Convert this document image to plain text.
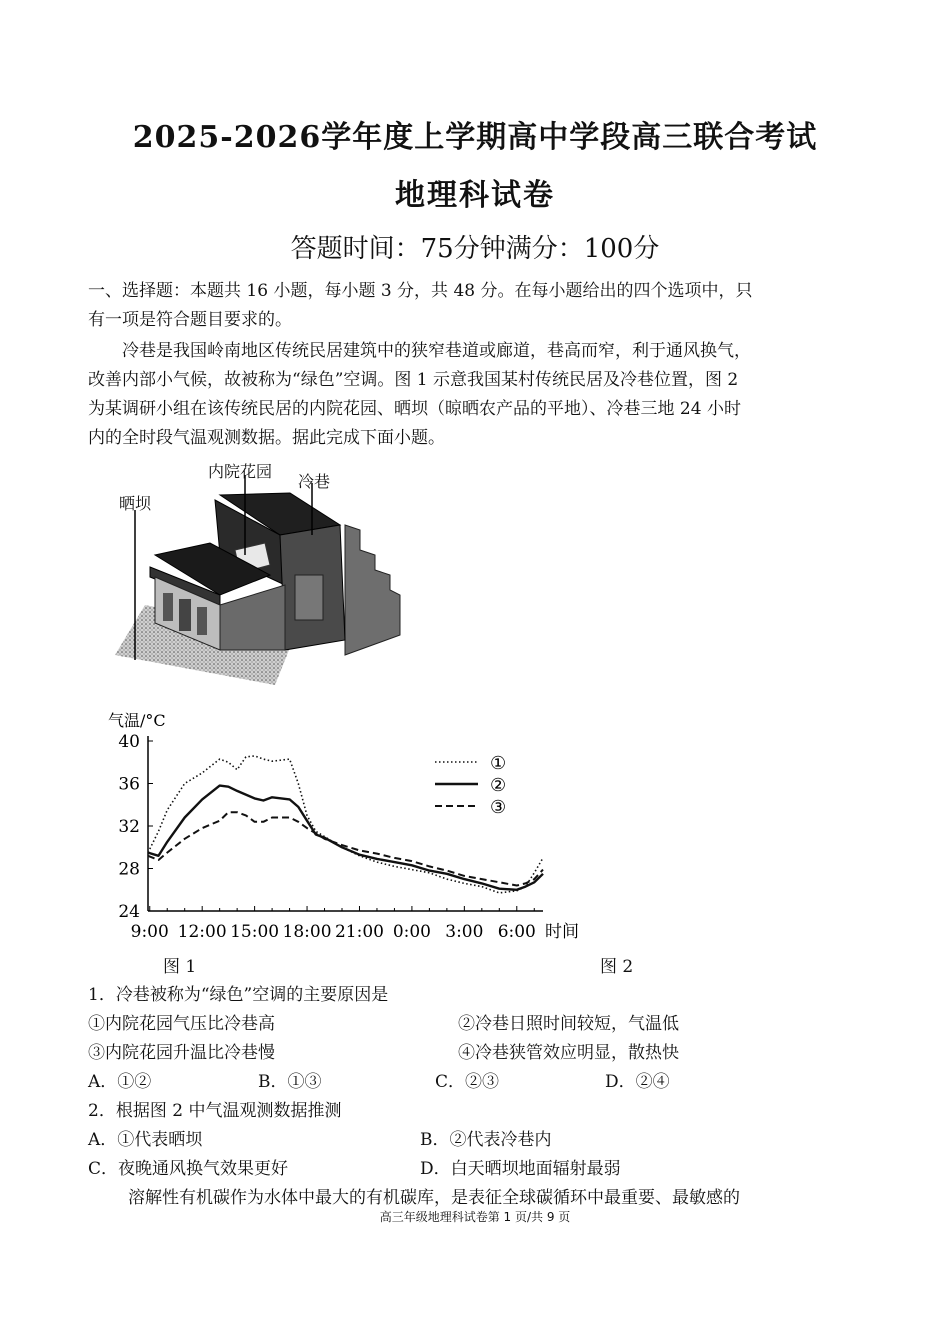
2025-2026学年度上学期高中学段高三联合考试
地理科试卷
答题时间：75分钟满分：100分
一、选择题：本题共 16 小题，每小题 3 分，共 48 分。在每小题给出的四个选项中，只
有一项是符合题目要求的。
冷巷是我国岭南地区传统民居建筑中的狭窄巷道或廊道，巷高而窄，利于通风换气，
改善内部小气候，故被称为“绿色”空调。图 1 示意我国某村传统民居及冷巷位置，图 2
为某调研小组在该传统民居的内院花园、晒坝（晾晒农产品的平地）、冷巷三地 24 小时
内的全时段气温观测数据。据此完成下面小题。
内院花园
冷巷
晒坝
气温/°C
24
28
32
36
40
9:00 12:00 15:00 18:00 21:00 0:00 3:00 6:00 时间
①
②
③
图 1	图 2
1．冷巷被称为“绿色”空调的主要原因是
①内院花园气压比冷巷高	②冷巷日照时间较短，气温低
③内院花园升温比冷巷慢	④冷巷狭管效应明显，散热快
A．①②	B．①③	C．②③	D．②④
2．根据图 2 中气温观测数据推测
A．①代表晒坝	B．②代表冷巷内
C．夜晚通风换气效果更好	D．白天晒坝地面辐射最弱
溶解性有机碳作为水体中最大的有机碳库，是表征全球碳循环中最重要、最敏感的
高三年级地理科试卷第 1 页/共 9 页
